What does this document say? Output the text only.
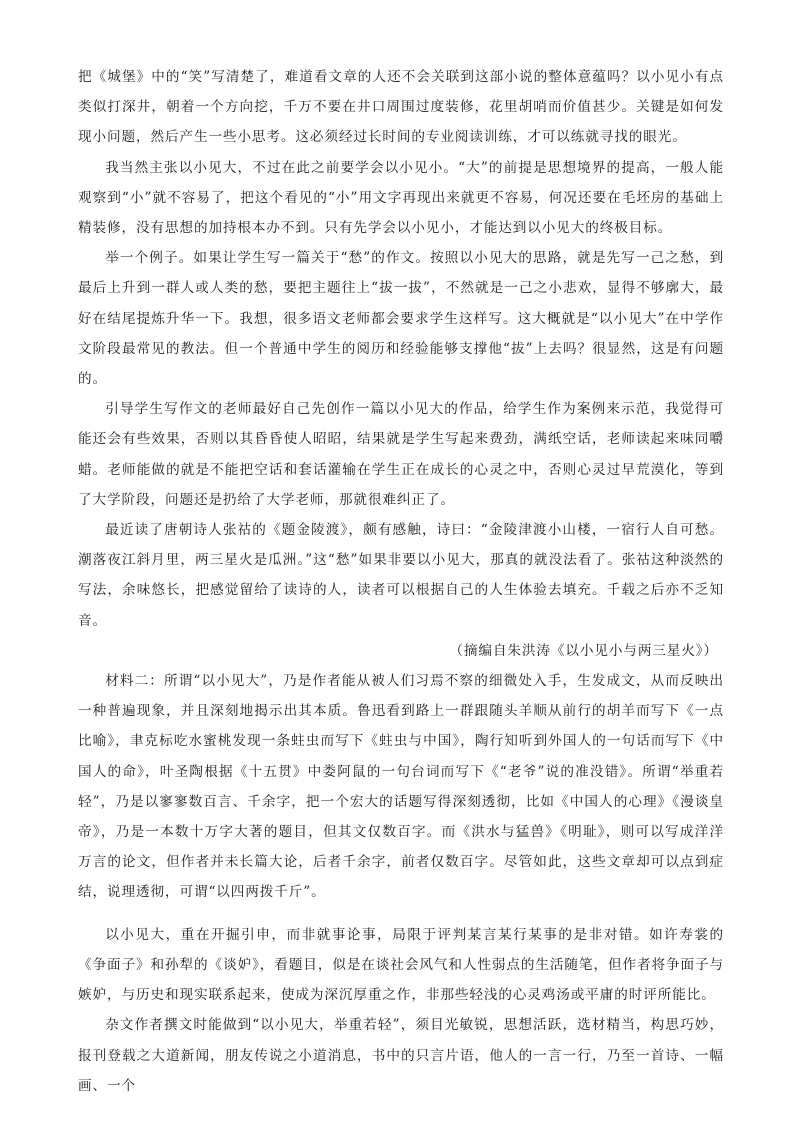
把《城堡》中的“笑”写清楚了，难道看文章的人还不会关联到这部小说的整体意蕴吗？以小见小有点类似打深井，朝着一个方向挖，千万不要在井口周围过度装修，花里胡哨而价值甚少。关键是如何发现小问题，然后产生一些小思考。这必须经过长时间的专业阅读训练，才可以练就寻找的眼光。

我当然主张以小见大，不过在此之前要学会以小见小。“大”的前提是思想境界的提高，一般人能观察到“小”就不容易了，把这个看见的“小”用文字再现出来就更不容易，何况还要在毛坯房的基础上精装修，没有思想的加持根本办不到。只有先学会以小见小，才能达到以小见大的终极目标。

举一个例子。如果让学生写一篇关于“愁”的作文。按照以小见大的思路，就是先写一己之愁，到最后上升到一群人或人类的愁，要把主题往上“拔一拔”，不然就是一己之小悲欢，显得不够廓大，最好在结尾提炼升华一下。我想，很多语文老师都会要求学生这样写。这大概就是“以小见大”在中学作文阶段最常见的教法。但一个普通中学生的阅历和经验能够支撑他“拔”上去吗？很显然，这是有问题的。

引导学生写作文的老师最好自己先创作一篇以小见大的作品，给学生作为案例来示范，我觉得可能还会有些效果，否则以其昏昏使人昭昭，结果就是学生写起来费劲，满纸空话，老师读起来味同嚼蜡。老师能做的就是不能把空话和套话灌输在学生正在成长的心灵之中，否则心灵过早荒漠化，等到了大学阶段，问题还是扔给了大学老师，那就很难纠正了。

最近读了唐朝诗人张祜的《题金陵渡》，颇有感触，诗曰：“金陵津渡小山楼，一宿行人自可愁。潮落夜江斜月里，两三星火是瓜洲。”这“愁”如果非要以小见大，那真的就没法看了。张祜这种淡然的写法，余味悠长，把感觉留给了读诗的人，读者可以根据自己的人生体验去填充。千载之后亦不乏知音。

（摘编自朱洪涛《以小见小与两三星火》）

材料二：所谓“以小见大”，乃是作者能从被人们习焉不察的细微处入手，生发成文，从而反映出一种普遍现象，并且深刻地揭示出其本质。鲁迅看到路上一群跟随头羊顺从前行的胡羊而写下《一点比喻》，聿克标吃水蜜桃发现一条蛀虫而写下《蛀虫与中国》，陶行知听到外国人的一句话而写下《中国人的命》，叶圣陶根据《十五贯》中娄阿鼠的一句台词而写下《“老爷”说的准没错》。所谓“举重若轻”，乃是以寥寥数百言、千余字，把一个宏大的话题写得深刻透彻，比如《中国人的心理》《漫谈皇帝》，乃是一本数十万字大著的题目，但其文仅数百字。而《洪水与猛兽》《明耻》，则可以写成洋洋万言的论文，但作者并未长篇大论，后者千余字，前者仅数百字。尽管如此，这些文章却可以点到症结，说理透彻，可谓“以四两拨千斤”。

以小见大，重在开掘引申，而非就事论事，局限于评判某言某行某事的是非对错。如许寿裳的《争面子》和孙犁的《谈妒》，看题目，似是在谈社会风气和人性弱点的生活随笔，但作者将争面子与嫉妒，与历史和现实联系起来，使成为深沉厚重之作，非那些轻浅的心灵鸡汤或平庸的时评所能比。

杂文作者撰文时能做到“以小见大，举重若轻”，须目光敏锐，思想活跃，选材精当，构思巧妙，报刊登载之大道新闻，朋友传说之小道消息，书中的只言片语，他人的一言一行，乃至一首诗、一幅画、一个
